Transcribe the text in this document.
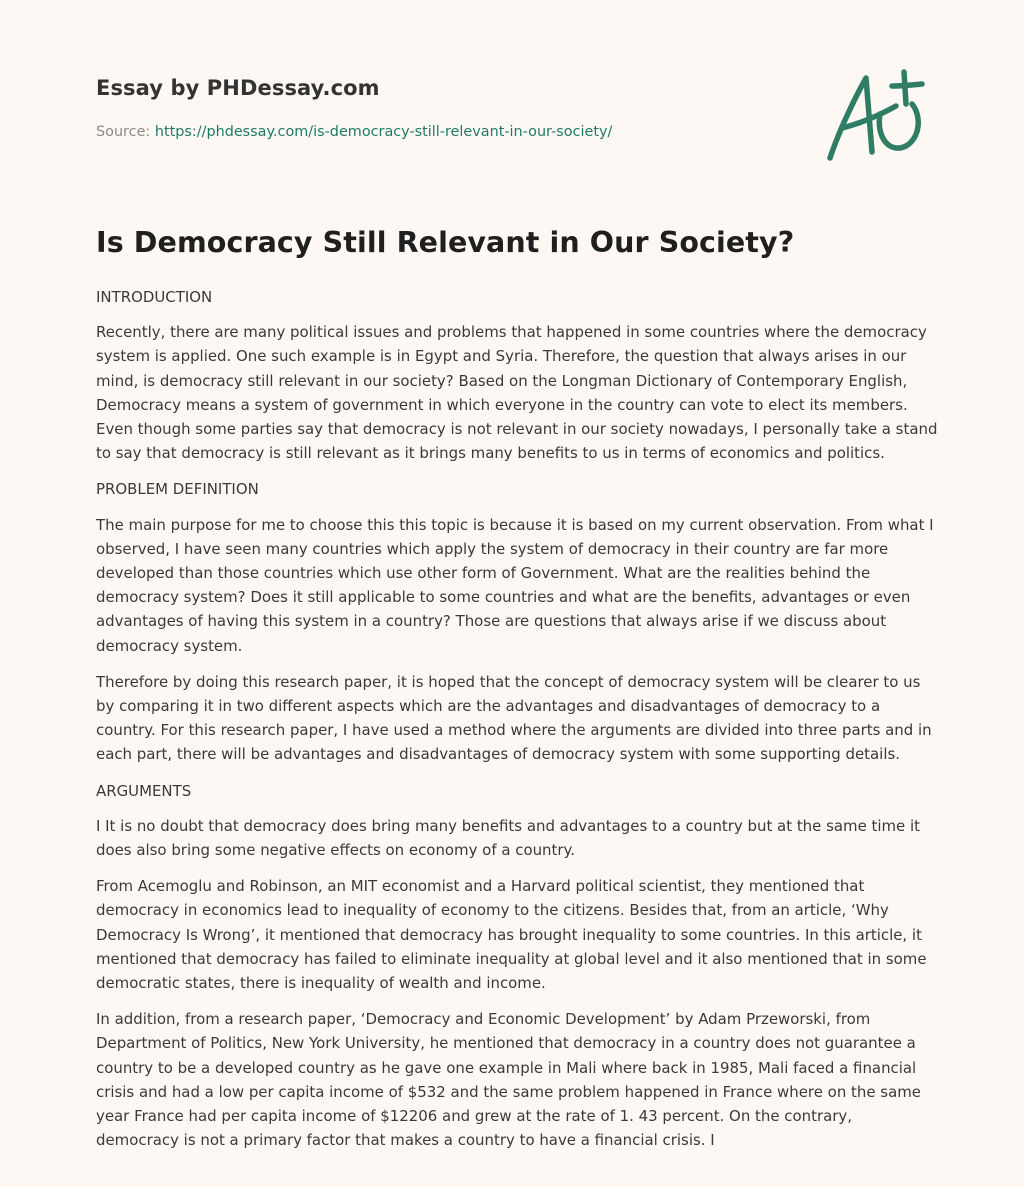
Essay by PHDessay.com
Source: https://phdessay.com/is-democracy-still-relevant-in-our-society/
Is Democracy Still Relevant in Our Society?

INTRODUCTION

Recently, there are many political issues and problems that happened in some countries where the democracy system is applied. One such example is in Egypt and Syria. Therefore, the question that always arises in our mind, is democracy still relevant in our society? Based on the Longman Dictionary of Contemporary English, Democracy means a system of government in which everyone in the country can vote to elect its members. Even though some parties say that democracy is not relevant in our society nowadays, I personally take a stand to say that democracy is still relevant as it brings many benefits to us in terms of economics and politics.

PROBLEM DEFINITION

The main purpose for me to choose this this topic is because it is based on my current observation. From what I observed, I have seen many countries which apply the system of democracy in their country are far more developed than those countries which use other form of Government. What are the realities behind the democracy system? Does it still applicable to some countries and what are the benefits, advantages or even advantages of having this system in a country? Those are questions that always arise if we discuss about democracy system.

Therefore by doing this research paper, it is hoped that the concept of democracy system will be clearer to us by comparing it in two different aspects which are the advantages and disadvantages of democracy to a country. For this research paper, I have used a method where the arguments are divided into three parts and in each part, there will be advantages and disadvantages of democracy system with some supporting details.

ARGUMENTS

I It is no doubt that democracy does bring many benefits and advantages to a country but at the same time it does also bring some negative effects on economy of a country.

From Acemoglu and Robinson, an MIT economist and a Harvard political scientist, they mentioned that democracy in economics lead to inequality of economy to the citizens. Besides that, from an article, ‘Why Democracy Is Wrong’, it mentioned that democracy has brought inequality to some countries. In this article, it mentioned that democracy has failed to eliminate inequality at global level and it also mentioned that in some democratic states, there is inequality of wealth and income.

In addition, from a research paper, ‘Democracy and Economic Development’ by Adam Przeworski, from Department of Politics, New York University, he mentioned that democracy in a country does not guarantee a country to be a developed country as he gave one example in Mali where back in 1985, Mali faced a financial crisis and had a low per capita income of $532 and the same problem happened in France where on the same year France had per capita income of $12206 and grew at the rate of 1. 43 percent. On the contrary, democracy is not a primary factor that makes a country to have a financial crisis. I
